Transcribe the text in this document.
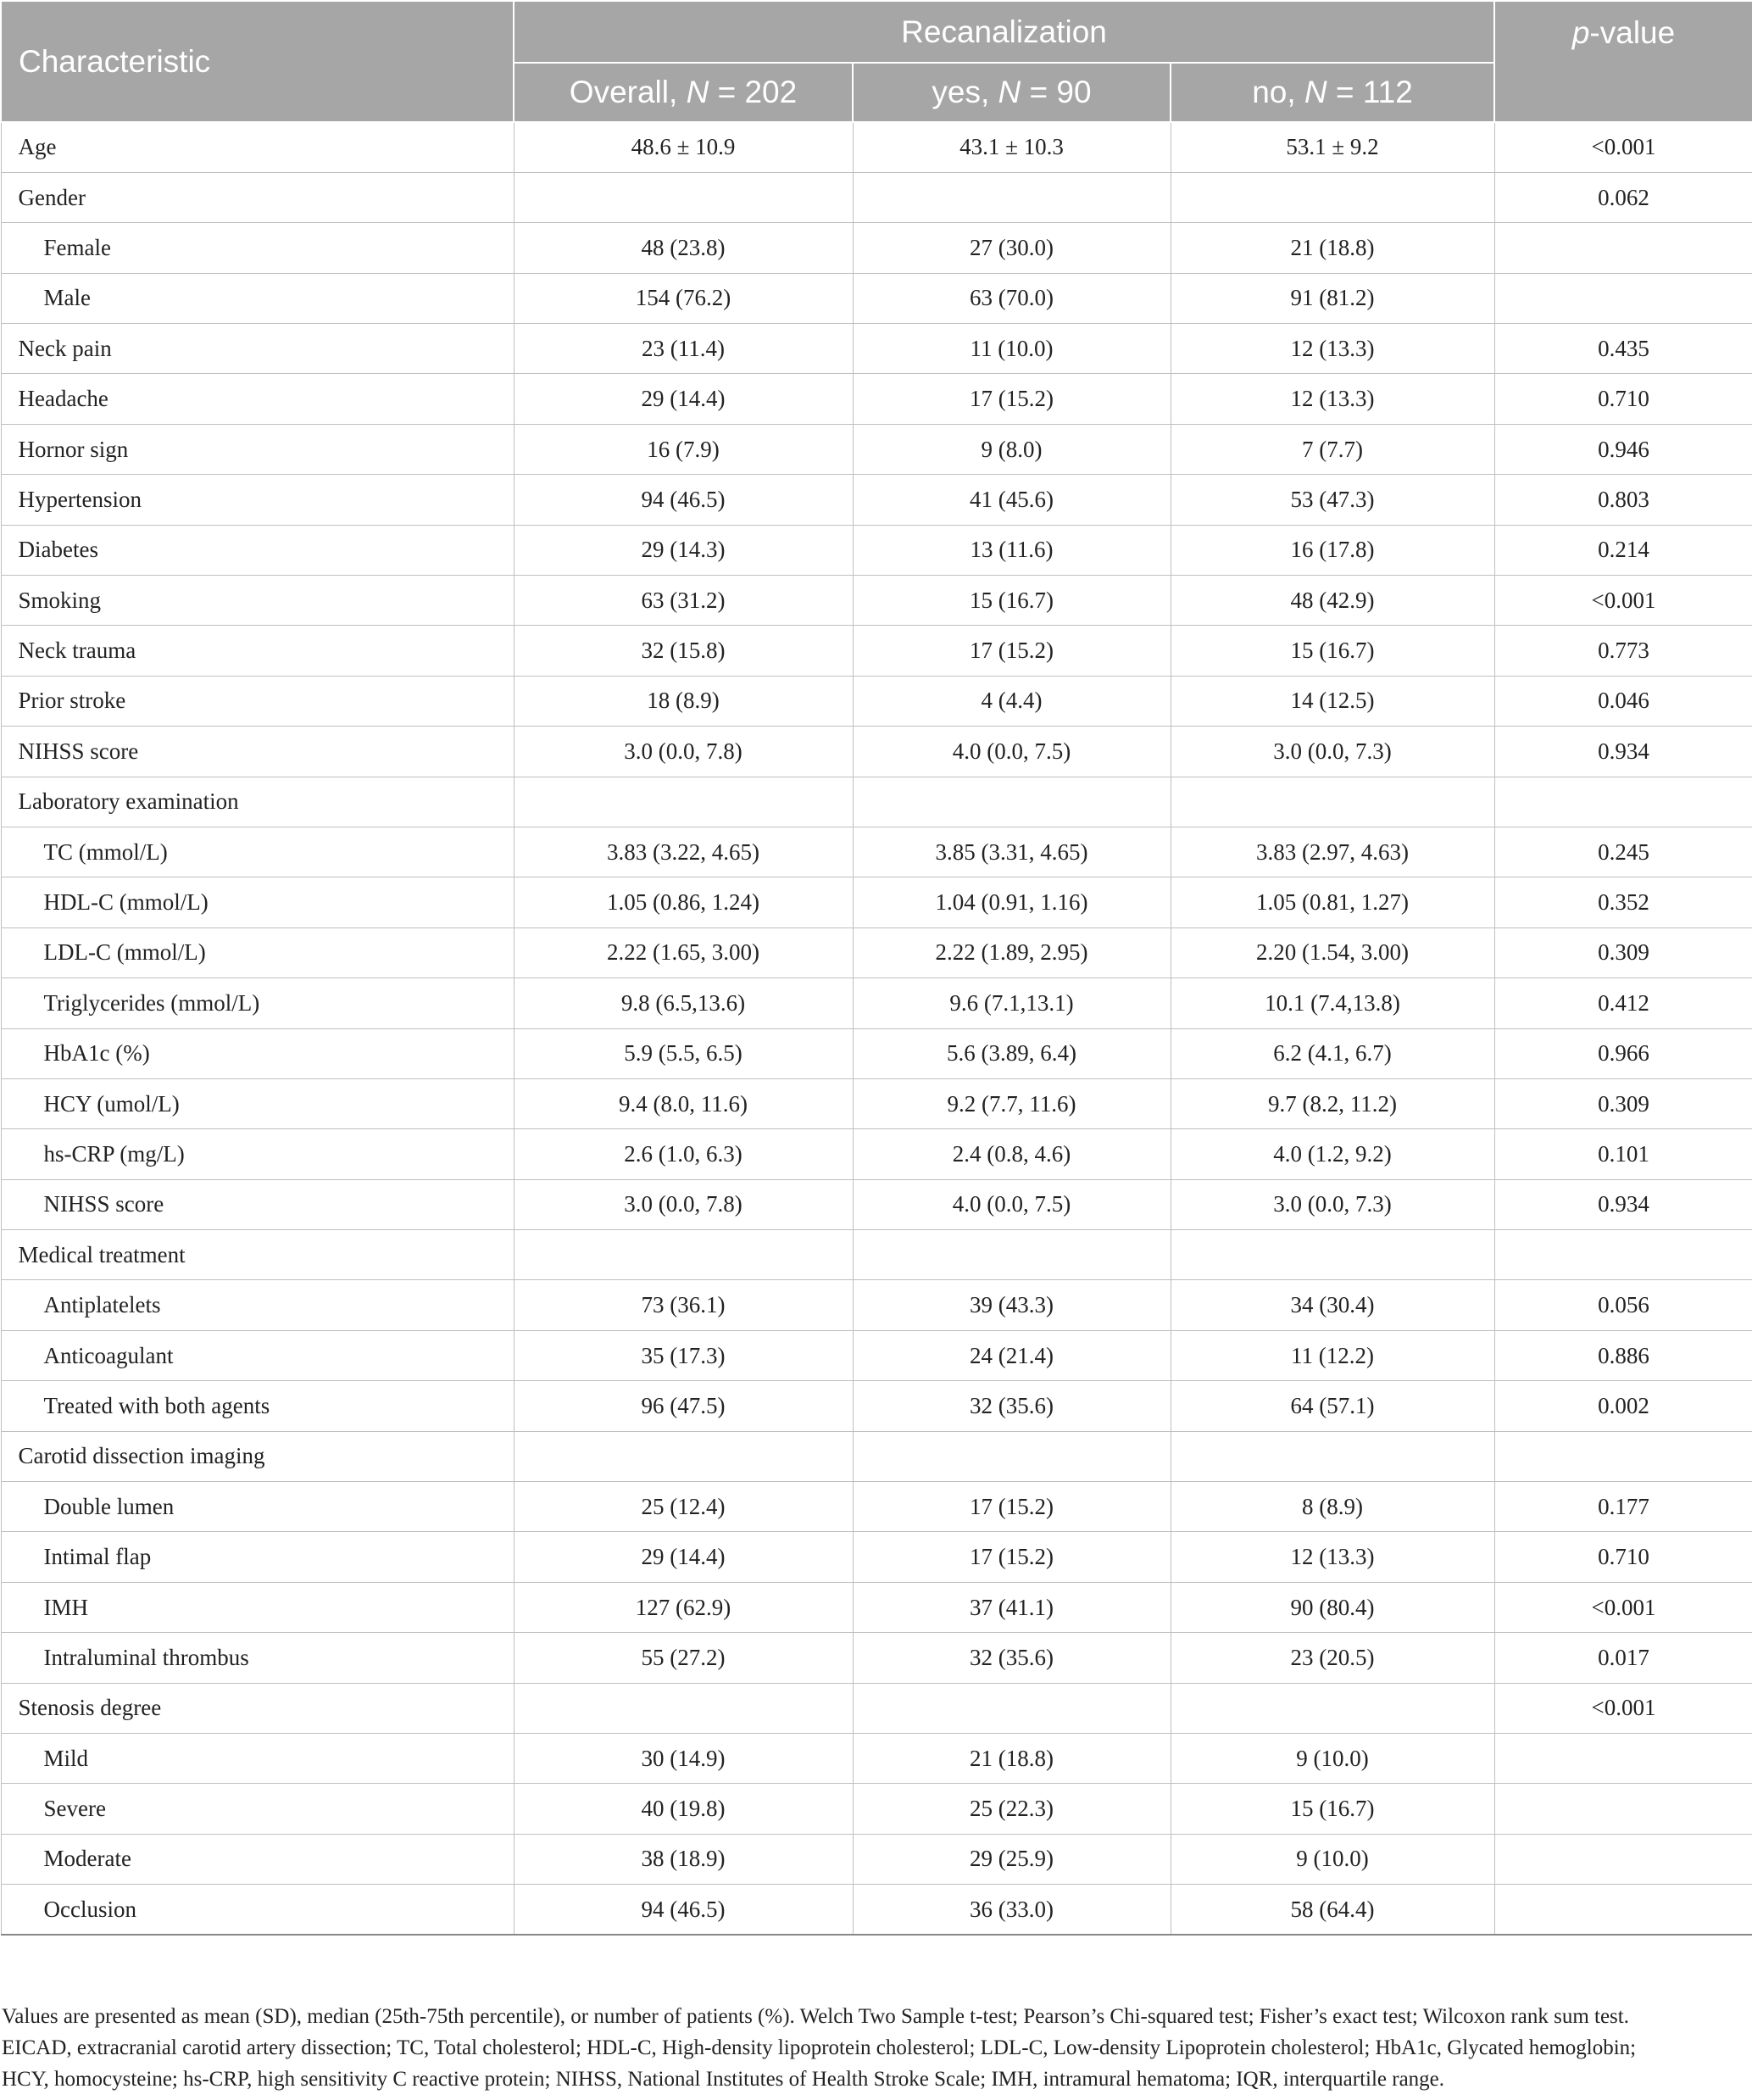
Characteristic	Recanalization			p-value
	Overall, N = 202	yes, N = 90	no, N = 112	
Age	48.6 ± 10.9	43.1 ± 10.3	53.1 ± 9.2	<0.001
Gender				0.062
Female	48 (23.8)	27 (30.0)	21 (18.8)	
Male	154 (76.2)	63 (70.0)	91 (81.2)	
Neck pain	23 (11.4)	11 (10.0)	12 (13.3)	0.435
Headache	29 (14.4)	17 (15.2)	12 (13.3)	0.710
Hornor sign	16 (7.9)	9 (8.0)	7 (7.7)	0.946
Hypertension	94 (46.5)	41 (45.6)	53 (47.3)	0.803
Diabetes	29 (14.3)	13 (11.6)	16 (17.8)	0.214
Smoking	63 (31.2)	15 (16.7)	48 (42.9)	<0.001
Neck trauma	32 (15.8)	17 (15.2)	15 (16.7)	0.773
Prior stroke	18 (8.9)	4 (4.4)	14 (12.5)	0.046
NIHSS score	3.0 (0.0, 7.8)	4.0 (0.0, 7.5)	3.0 (0.0, 7.3)	0.934
Laboratory examination				
TC (mmol/L)	3.83 (3.22, 4.65)	3.85 (3.31, 4.65)	3.83 (2.97, 4.63)	0.245
HDL-C (mmol/L)	1.05 (0.86, 1.24)	1.04 (0.91, 1.16)	1.05 (0.81, 1.27)	0.352
LDL-C (mmol/L)	2.22 (1.65, 3.00)	2.22 (1.89, 2.95)	2.20 (1.54, 3.00)	0.309
Triglycerides (mmol/L)	9.8 (6.5,13.6)	9.6 (7.1,13.1)	10.1 (7.4,13.8)	0.412
HbA1c (%)	5.9 (5.5, 6.5)	5.6 (3.89, 6.4)	6.2 (4.1, 6.7)	0.966
HCY (umol/L)	9.4 (8.0, 11.6)	9.2 (7.7, 11.6)	9.7 (8.2, 11.2)	0.309
hs-CRP (mg/L)	2.6 (1.0, 6.3)	2.4 (0.8, 4.6)	4.0 (1.2, 9.2)	0.101
NIHSS score	3.0 (0.0, 7.8)	4.0 (0.0, 7.5)	3.0 (0.0, 7.3)	0.934
Medical treatment				
Antiplatelets	73 (36.1)	39 (43.3)	34 (30.4)	0.056
Anticoagulant	35 (17.3)	24 (21.4)	11 (12.2)	0.886
Treated with both agents	96 (47.5)	32 (35.6)	64 (57.1)	0.002
Carotid dissection imaging				
Double lumen	25 (12.4)	17 (15.2)	8 (8.9)	0.177
Intimal flap	29 (14.4)	17 (15.2)	12 (13.3)	0.710
IMH	127 (62.9)	37 (41.1)	90 (80.4)	<0.001
Intraluminal thrombus	55 (27.2)	32 (35.6)	23 (20.5)	0.017
Stenosis degree				<0.001
Mild	30 (14.9)	21 (18.8)	9 (10.0)	
Severe	40 (19.8)	25 (22.3)	15 (16.7)	
Moderate	38 (18.9)	29 (25.9)	9 (10.0)	
Occlusion	94 (46.5)	36 (33.0)	58 (64.4)	

Values are presented as mean (SD), median (25th-75th percentile), or number of patients (%). Welch Two Sample t-test; Pearson’s Chi-squared test; Fisher’s exact test; Wilcoxon rank sum test.

EICAD, extracranial carotid artery dissection; TC, Total cholesterol; HDL-C, High-density lipoprotein cholesterol; LDL-C, Low-density Lipoprotein cholesterol; HbA1c, Glycated hemoglobin;

HCY, homocysteine; hs-CRP, high sensitivity C reactive protein; NIHSS, National Institutes of Health Stroke Scale; IMH, intramural hematoma; IQR, interquartile range.
